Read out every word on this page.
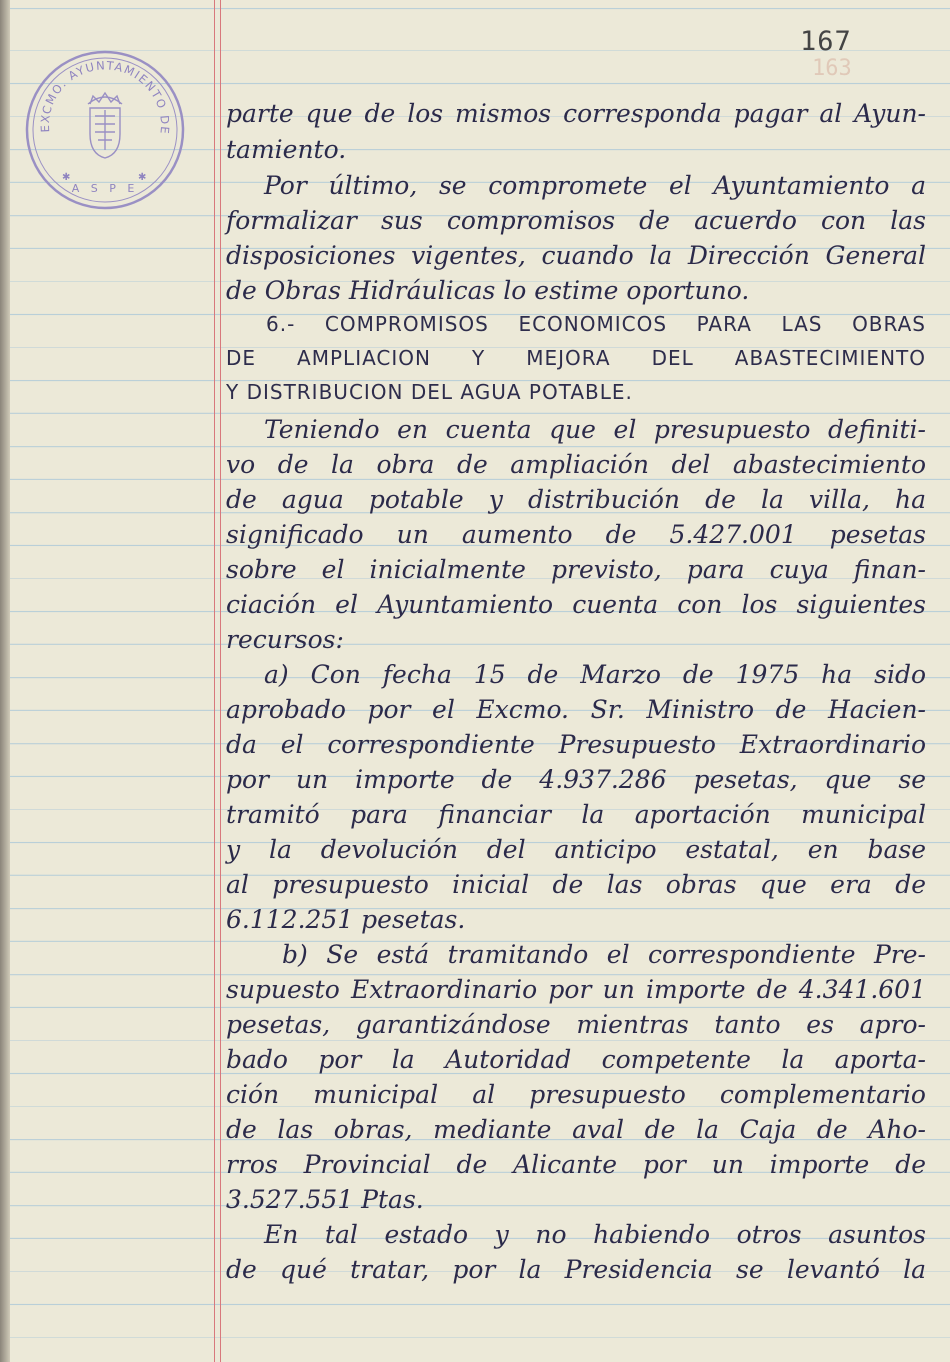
163
167
EXCMO. AYUNTAMIENTO DE
A S P E
✱	✱
parte que de los mismos corresponda pagar al Ayun-
tamiento.
Por último, se compromete el Ayuntamiento a
formalizar sus compromisos de acuerdo con las
disposiciones vigentes, cuando la Dirección General
de Obras Hidráulicas lo estime oportuno.
6.- COMPROMISOS ECONOMICOS PARA LAS OBRAS
DE AMPLIACION Y MEJORA DEL ABASTECIMIENTO
Y DISTRIBUCION DEL AGUA POTABLE.
Teniendo en cuenta que el presupuesto definiti-
vo de la obra de ampliación del abastecimiento
de agua potable y distribución de la villa, ha
significado un aumento de 5.427.001 pesetas
sobre el inicialmente previsto, para cuya finan-
ciación el Ayuntamiento cuenta con los siguientes
recursos:
a) Con fecha 15 de Marzo de 1975 ha sido
aprobado por el Excmo. Sr. Ministro de Hacien-
da el correspondiente Presupuesto Extraordinario
por un importe de 4.937.286 pesetas, que se
tramitó para financiar la aportación municipal
y la devolución del anticipo estatal, en base
al presupuesto inicial de las obras que era de
6.112.251 pesetas.
b) Se está tramitando el correspondiente Pre-
supuesto Extraordinario por un importe de 4.341.601
pesetas, garantizándose mientras tanto es apro-
bado por la Autoridad competente la aporta-
ción municipal al presupuesto complementario
de las obras, mediante aval de la Caja de Aho-
rros Provincial de Alicante por un importe de
3.527.551 Ptas.
En tal estado y no habiendo otros asuntos
de qué tratar, por la Presidencia se levantó la
